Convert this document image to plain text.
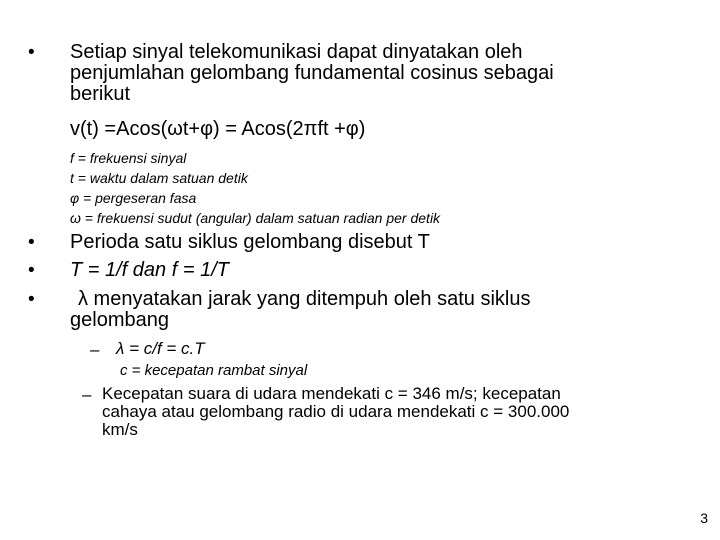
• Setiap sinyal telekomunikasi dapat dinyatakan oleh
penjumlahan gelombang fundamental cosinus sebagai
berikut
v(t) =Acos(ωt+φ) = Acos(2πft +φ)
f = frekuensi sinyal
t = waktu dalam satuan detik
φ = pergeseran fasa
ω = frekuensi sudut (angular) dalam satuan radian per detik
• Perioda satu siklus gelombang disebut T
• T = 1/f dan f = 1/T
•	λ menyatakan jarak yang ditempuh oleh satu siklus
gelombang
– λ = c/f = c.T
c = kecepatan rambat sinyal
– Kecepatan suara di udara mendekati c = 346 m/s; kecepatan
cahaya atau gelombang radio di udara mendekati c = 300.000
km/s
3
